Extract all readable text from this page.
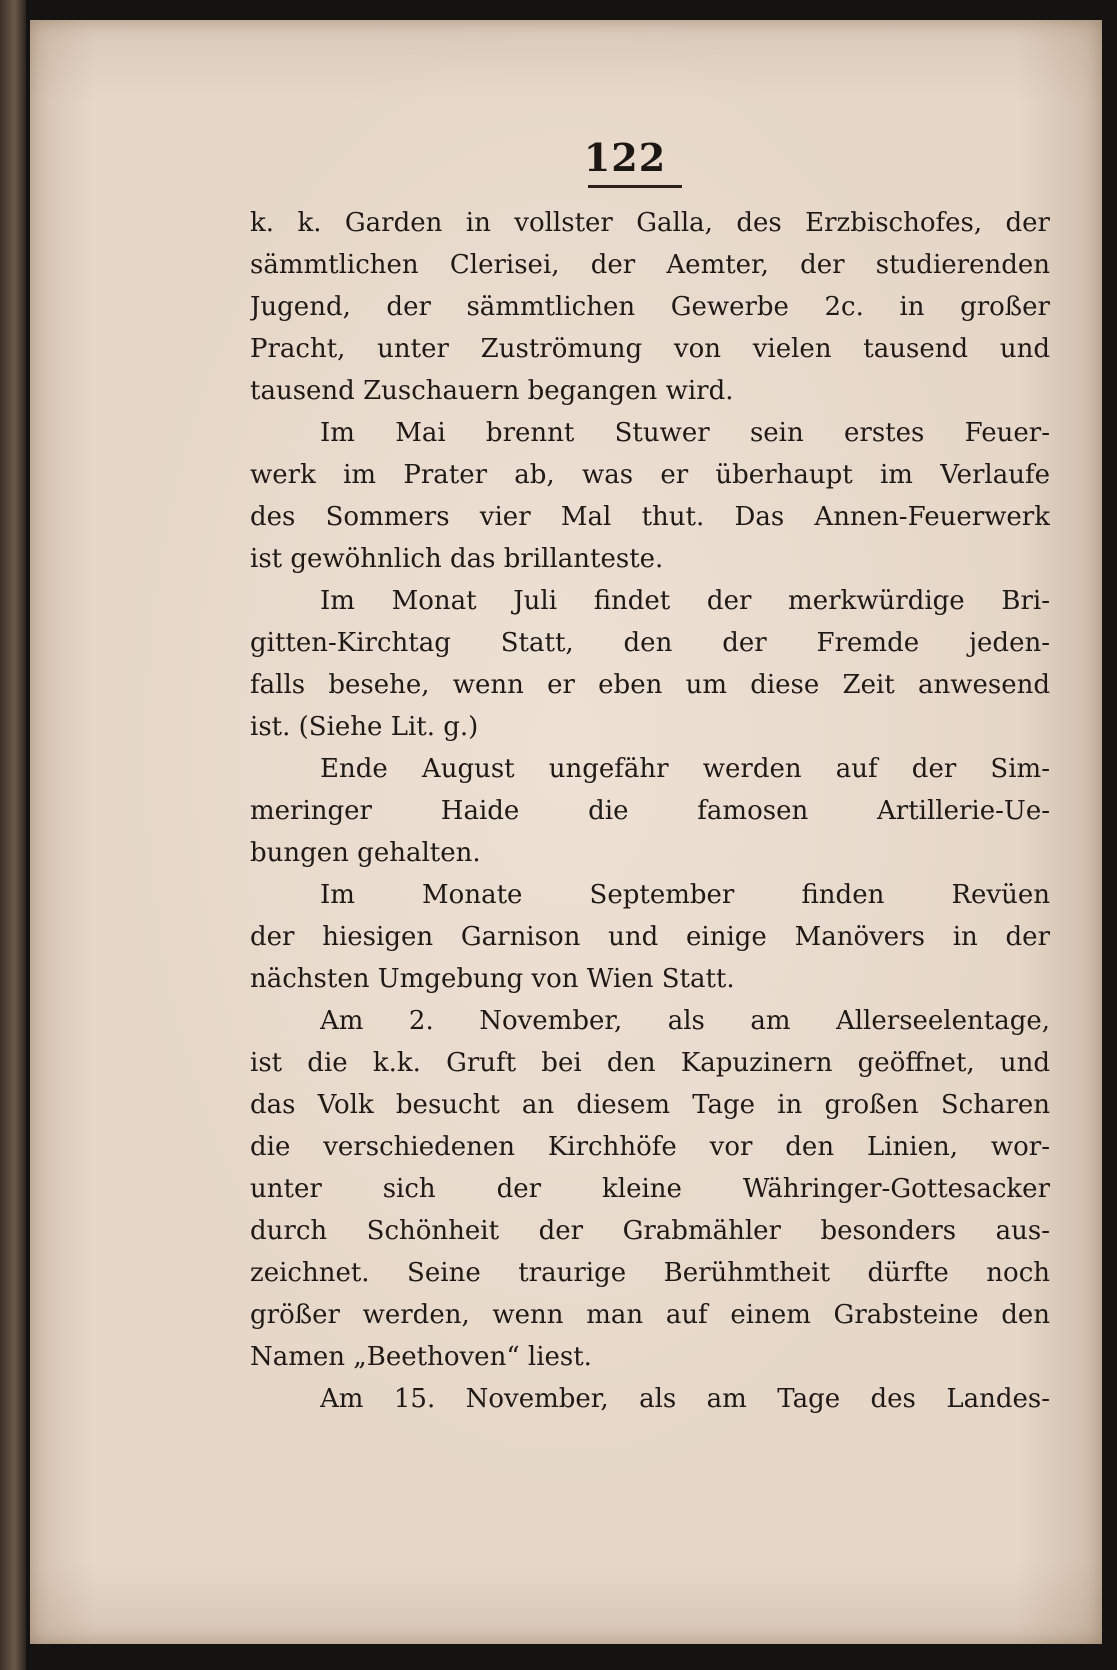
122
k. k. Garden in vollster Galla, des Erzbischofes, der
sämmtlichen Clerisei, der Aemter, der studierenden
Jugend, der sämmtlichen Gewerbe 2c. in großer
Pracht, unter Zuströmung von vielen tausend und
tausend Zuschauern begangen wird.
Im Mai brennt Stuwer sein erstes Feuer-
werk im Prater ab, was er überhaupt im Verlaufe
des Sommers vier Mal thut. Das Annen-Feuerwerk
ist gewöhnlich das brillanteste.
Im Monat Juli findet der merkwürdige Bri-
gitten-Kirchtag Statt, den der Fremde jeden-
falls besehe, wenn er eben um diese Zeit anwesend
ist. (Siehe Lit. g.)
Ende August ungefähr werden auf der Sim-
meringer Haide die famosen Artillerie-Ue-
bungen gehalten.
Im Monate September finden Revüen
der hiesigen Garnison und einige Manövers in der
nächsten Umgebung von Wien Statt.
Am 2. November, als am Allerseelentage,
ist die k.k. Gruft bei den Kapuzinern geöffnet, und
das Volk besucht an diesem Tage in großen Scharen
die verschiedenen Kirchhöfe vor den Linien, wor-
unter sich der kleine Währinger-Gottesacker
durch Schönheit der Grabmähler besonders aus-
zeichnet. Seine traurige Berühmtheit dürfte noch
größer werden, wenn man auf einem Grabsteine den
Namen „Beethoven“ liest.
Am 15. November, als am Tage des Landes-
